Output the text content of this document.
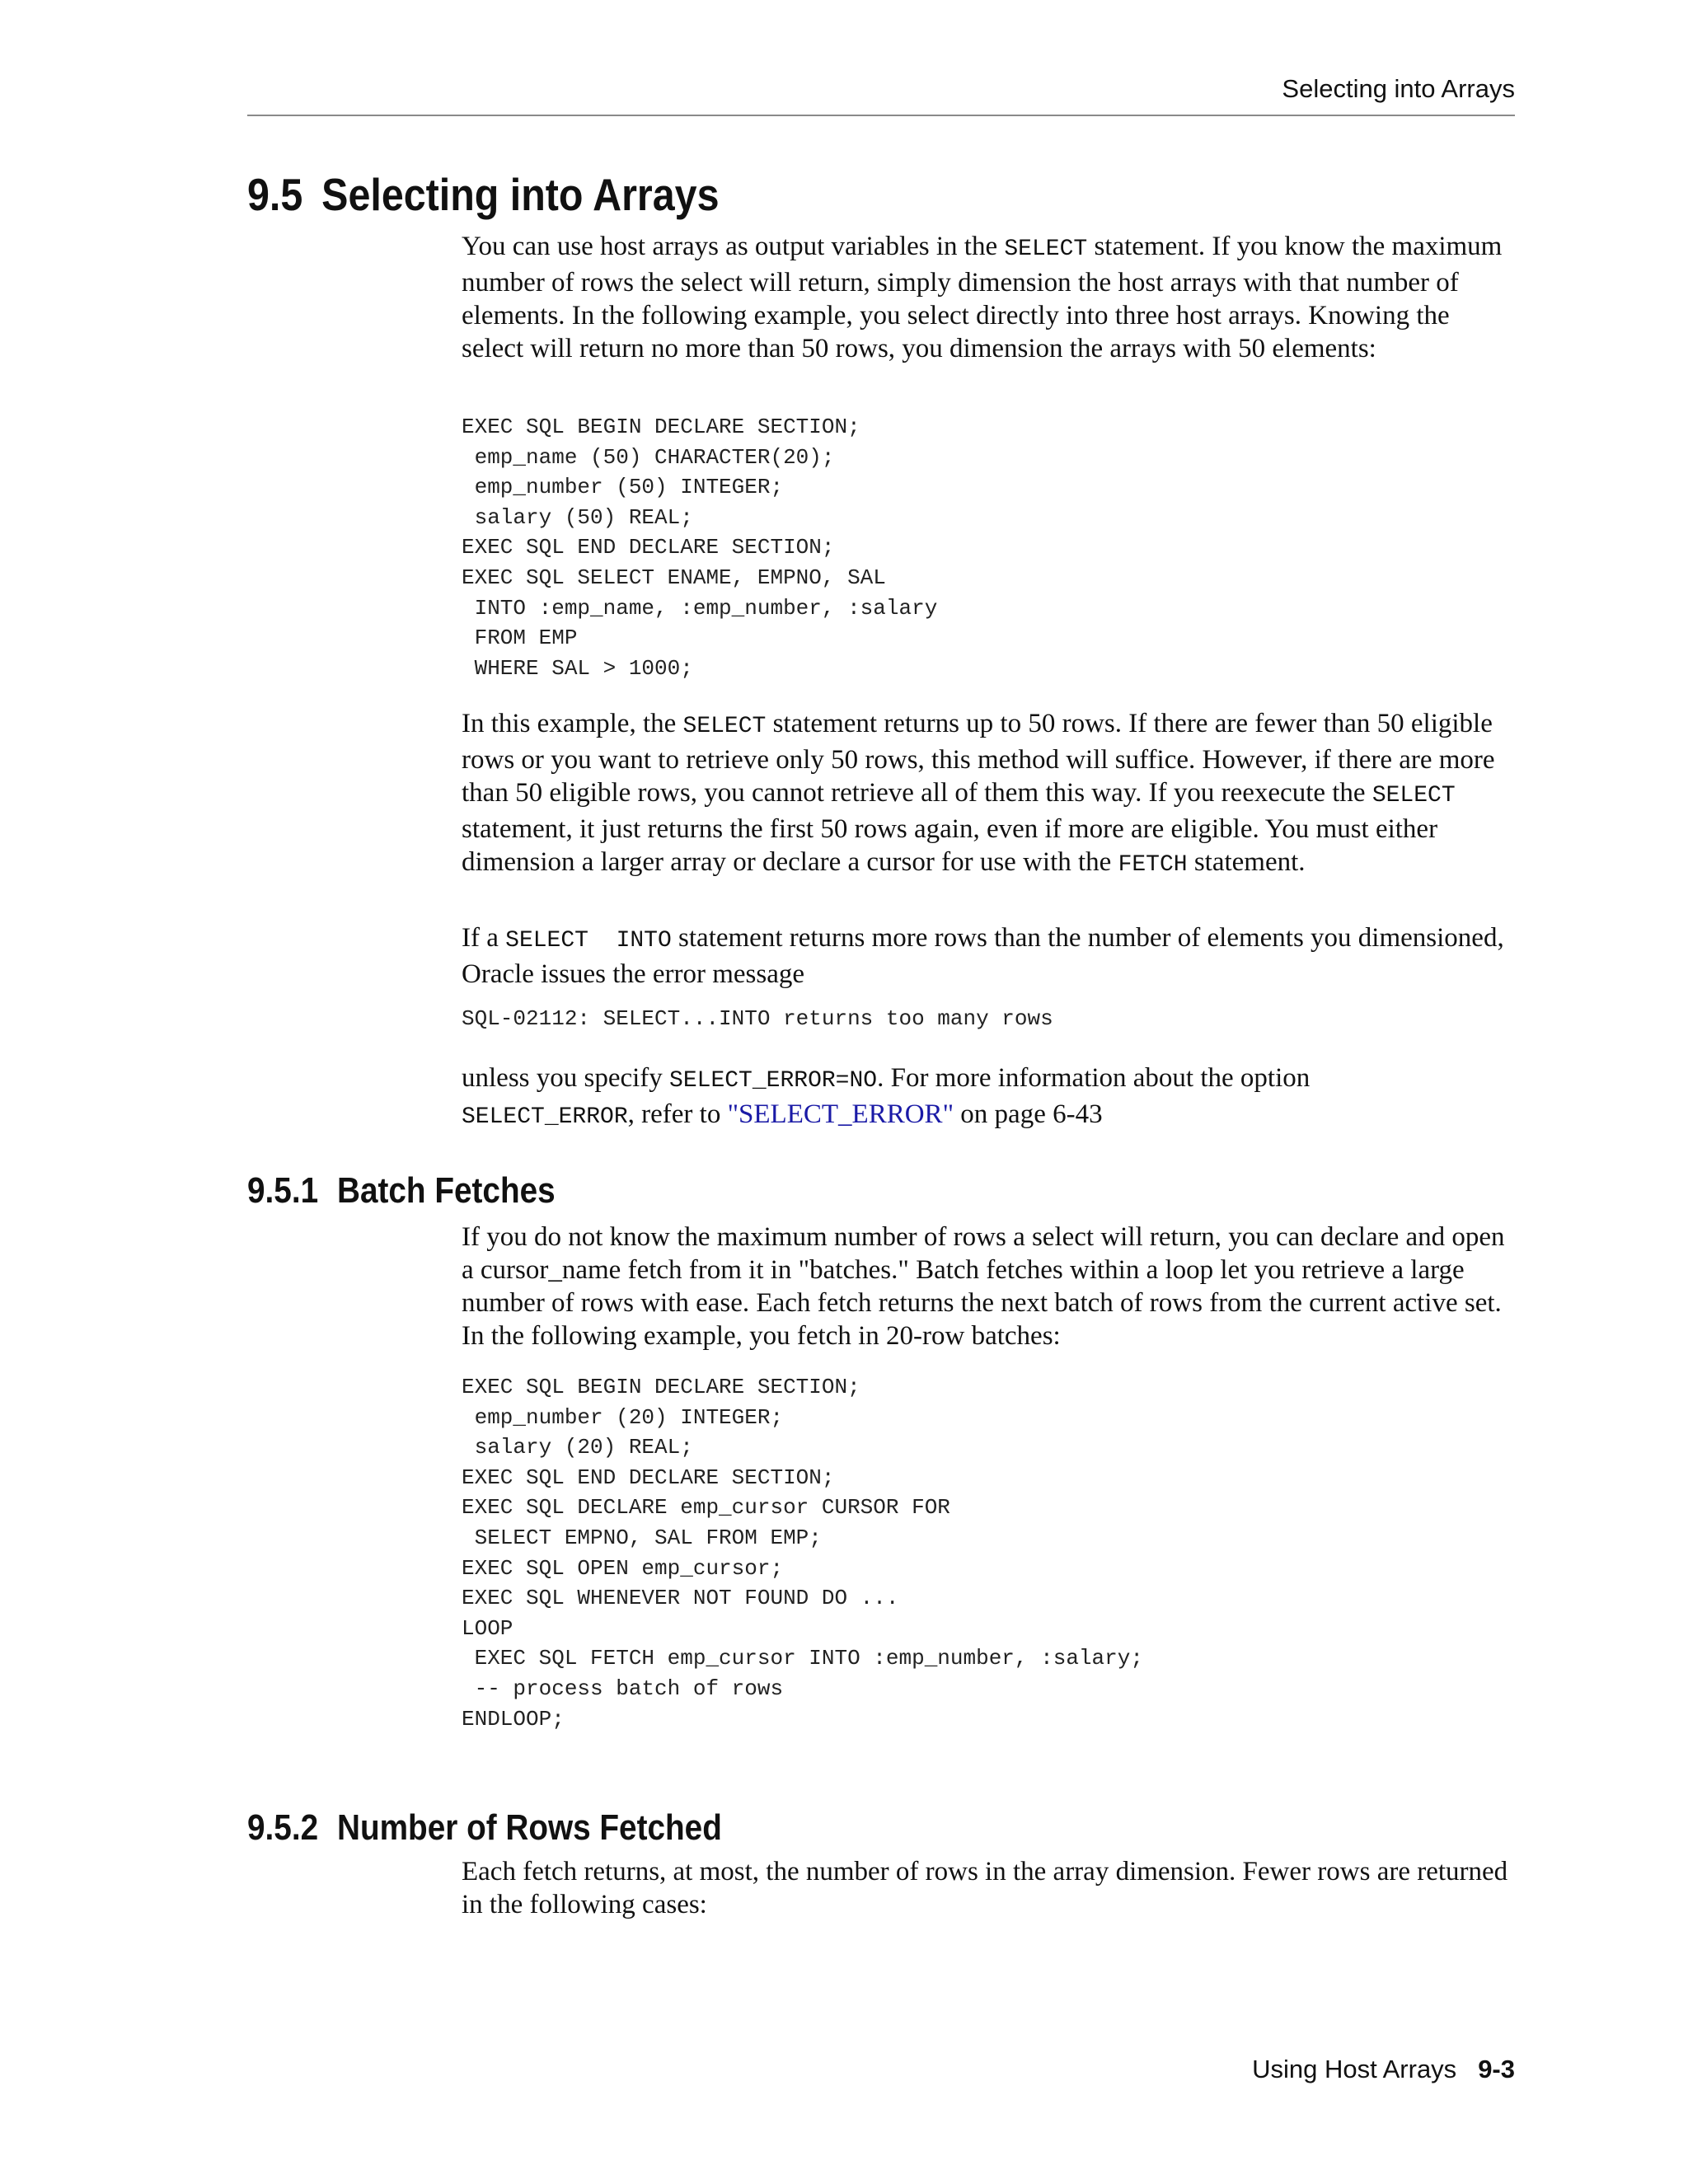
Selecting into Arrays
9.5 Selecting into Arrays

You can use host arrays as output variables in the SELECT statement. If you know the maximum number of rows the select will return, simply dimension the host arrays with that number of elements. In the following example, you select directly into three host arrays. Knowing the select will return no more than 50 rows, you dimension the arrays with 50 elements:

EXEC SQL BEGIN DECLARE SECTION;
emp_name (50) CHARACTER(20);
emp_number (50) INTEGER;
salary (50) REAL;
EXEC SQL END DECLARE SECTION;
EXEC SQL SELECT ENAME, EMPNO, SAL
INTO :emp_name, :emp_number, :salary
FROM EMP
WHERE SAL > 1000;

In this example, the SELECT statement returns up to 50 rows. If there are fewer than 50 eligible rows or you want to retrieve only 50 rows, this method will suffice. However, if there are more than 50 eligible rows, you cannot retrieve all of them this way. If you reexecute the SELECT statement, it just returns the first 50 rows again, even if more are eligible. You must either dimension a larger array or declare a cursor for use with the FETCH statement.

If a SELECT  INTO statement returns more rows than the number of elements you dimensioned, Oracle issues the error message

SQL-02112: SELECT...INTO returns too many rows

unless you specify SELECT_ERROR=NO. For more information about the option
SELECT_ERROR, refer to "SELECT_ERROR" on page 6-43

9.5.1 Batch Fetches

If you do not know the maximum number of rows a select will return, you can declare and open a cursor_name fetch from it in "batches." Batch fetches within a loop let you retrieve a large number of rows with ease. Each fetch returns the next batch of rows from the current active set. In the following example, you fetch in 20-row batches:

EXEC SQL BEGIN DECLARE SECTION;
emp_number (20) INTEGER;
salary (20) REAL;
EXEC SQL END DECLARE SECTION;
EXEC SQL DECLARE emp_cursor CURSOR FOR
SELECT EMPNO, SAL FROM EMP;
EXEC SQL OPEN emp_cursor;
EXEC SQL WHENEVER NOT FOUND DO ...
LOOP
EXEC SQL FETCH emp_cursor INTO :emp_number, :salary;
-- process batch of rows
ENDLOOP;
9.5.2 Number of Rows Fetched

Each fetch returns, at most, the number of rows in the array dimension. Fewer rows are returned in the following cases:

Using Host Arrays 9-3
